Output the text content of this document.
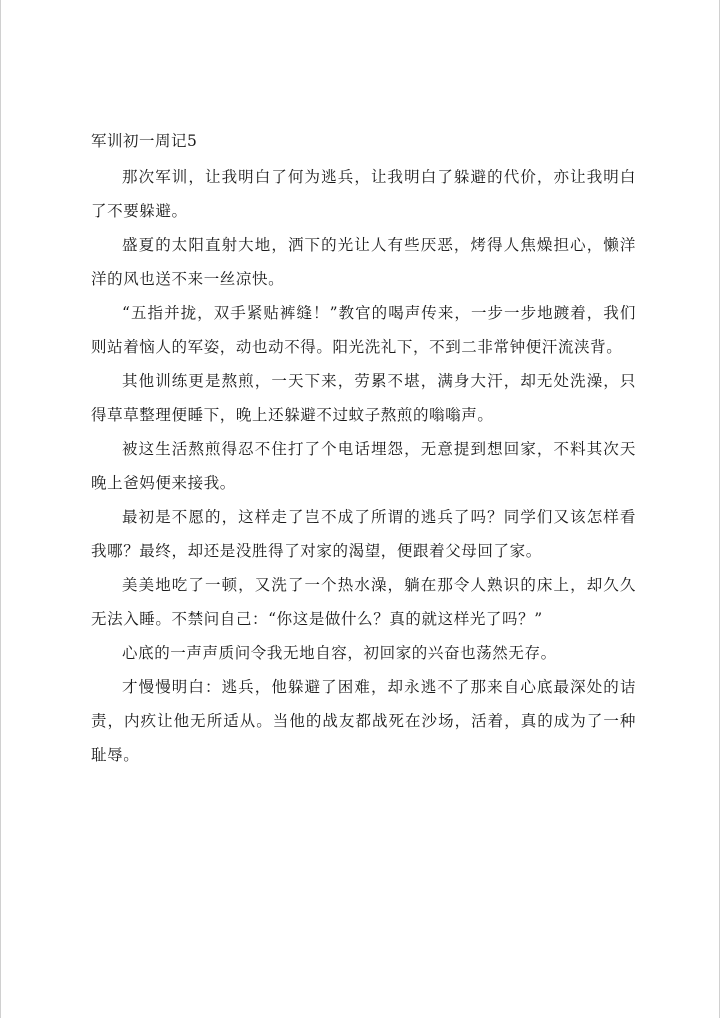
军训初一周记5

那次军训，让我明白了何为逃兵，让我明白了躲避的代价，亦让我明白了不要躲避。

盛夏的太阳直射大地，洒下的光让人有些厌恶，烤得人焦燥担心，懒洋洋的风也送不来一丝凉快。

“五指并拢，双手紧贴裤缝！”教官的喝声传来，一步一步地踱着，我们则站着恼人的军姿，动也动不得。阳光洗礼下，不到二非常钟便汗流浃背。

其他训练更是熬煎，一天下来，劳累不堪，满身大汗，却无处洗澡，只得草草整理便睡下，晚上还躲避不过蚊子熬煎的嗡嗡声。

被这生活熬煎得忍不住打了个电话埋怨，无意提到想回家，不料其次天晚上爸妈便来接我。

最初是不愿的，这样走了岂不成了所谓的逃兵了吗？同学们又该怎样看我哪？最终，却还是没胜得了对家的渴望，便跟着父母回了家。

美美地吃了一顿，又洗了一个热水澡，躺在那令人熟识的床上，却久久无法入睡。不禁问自己：“你这是做什么？真的就这样光了吗？”

心底的一声声质问令我无地自容，初回家的兴奋也荡然无存。

才慢慢明白：逃兵，他躲避了困难，却永逃不了那来自心底最深处的诘责，内疚让他无所适从。当他的战友都战死在沙场，活着，真的成为了一种耻辱。
